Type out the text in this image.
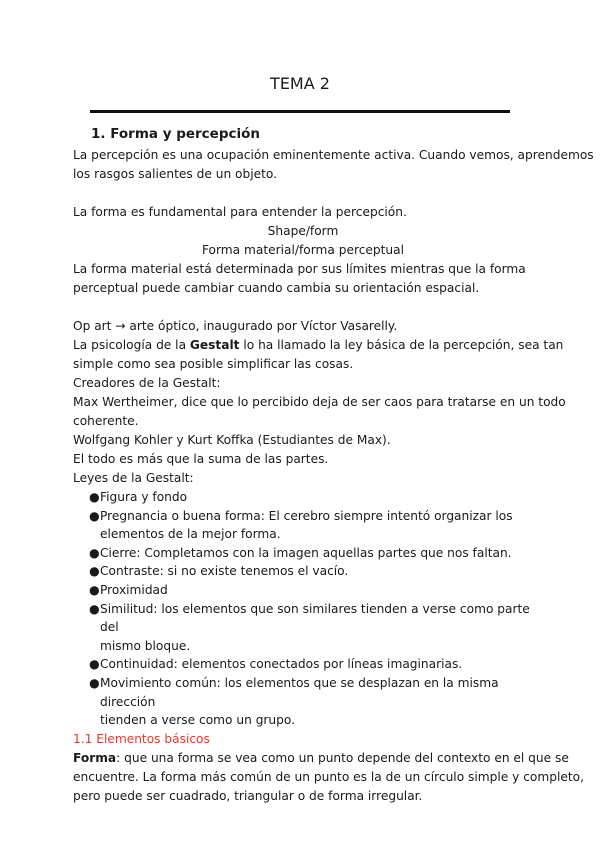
TEMA 2
1. Forma y percepción
La percepción es una ocupación eminentemente activa. Cuando vemos, aprendemos
los rasgos salientes de un objeto.
La forma es fundamental para entender la percepción.
Shape/form
Forma material/forma perceptual
La forma material está determinada por sus límites mientras que la forma
perceptual puede cambiar cuando cambia su orientación espacial.
Op art → arte óptico, inaugurado por Víctor Vasarelly.
La psicología de la Gestalt lo ha llamado la ley básica de la percepción, sea tan
simple como sea posible simplificar las cosas.
Creadores de la Gestalt:
Max Wertheimer, dice que lo percibido deja de ser caos para tratarse en un todo
coherente.
Wolfgang Kohler y Kurt Koffka (Estudiantes de Max).
El todo es más que la suma de las partes.
Leyes de la Gestalt:
● Figura y fondo
● Pregnancia o buena forma: El cerebro siempre intentó organizar los
elementos de la mejor forma.
● Cierre: Completamos con la imagen aquellas partes que nos faltan.
● Contraste: si no existe tenemos el vacío.
● Proximidad
● Similitud: los elementos que son similares tienden a verse como parte del
mismo bloque.
● Continuidad: elementos conectados por líneas imaginarias.
● Movimiento común: los elementos que se desplazan en la misma dirección
tienden a verse como un grupo.
1.1 Elementos básicos
Forma: que una forma se vea como un punto depende del contexto en el que se
encuentre. La forma más común de un punto es la de un círculo simple y completo,
pero puede ser cuadrado, triangular o de forma irregular.
